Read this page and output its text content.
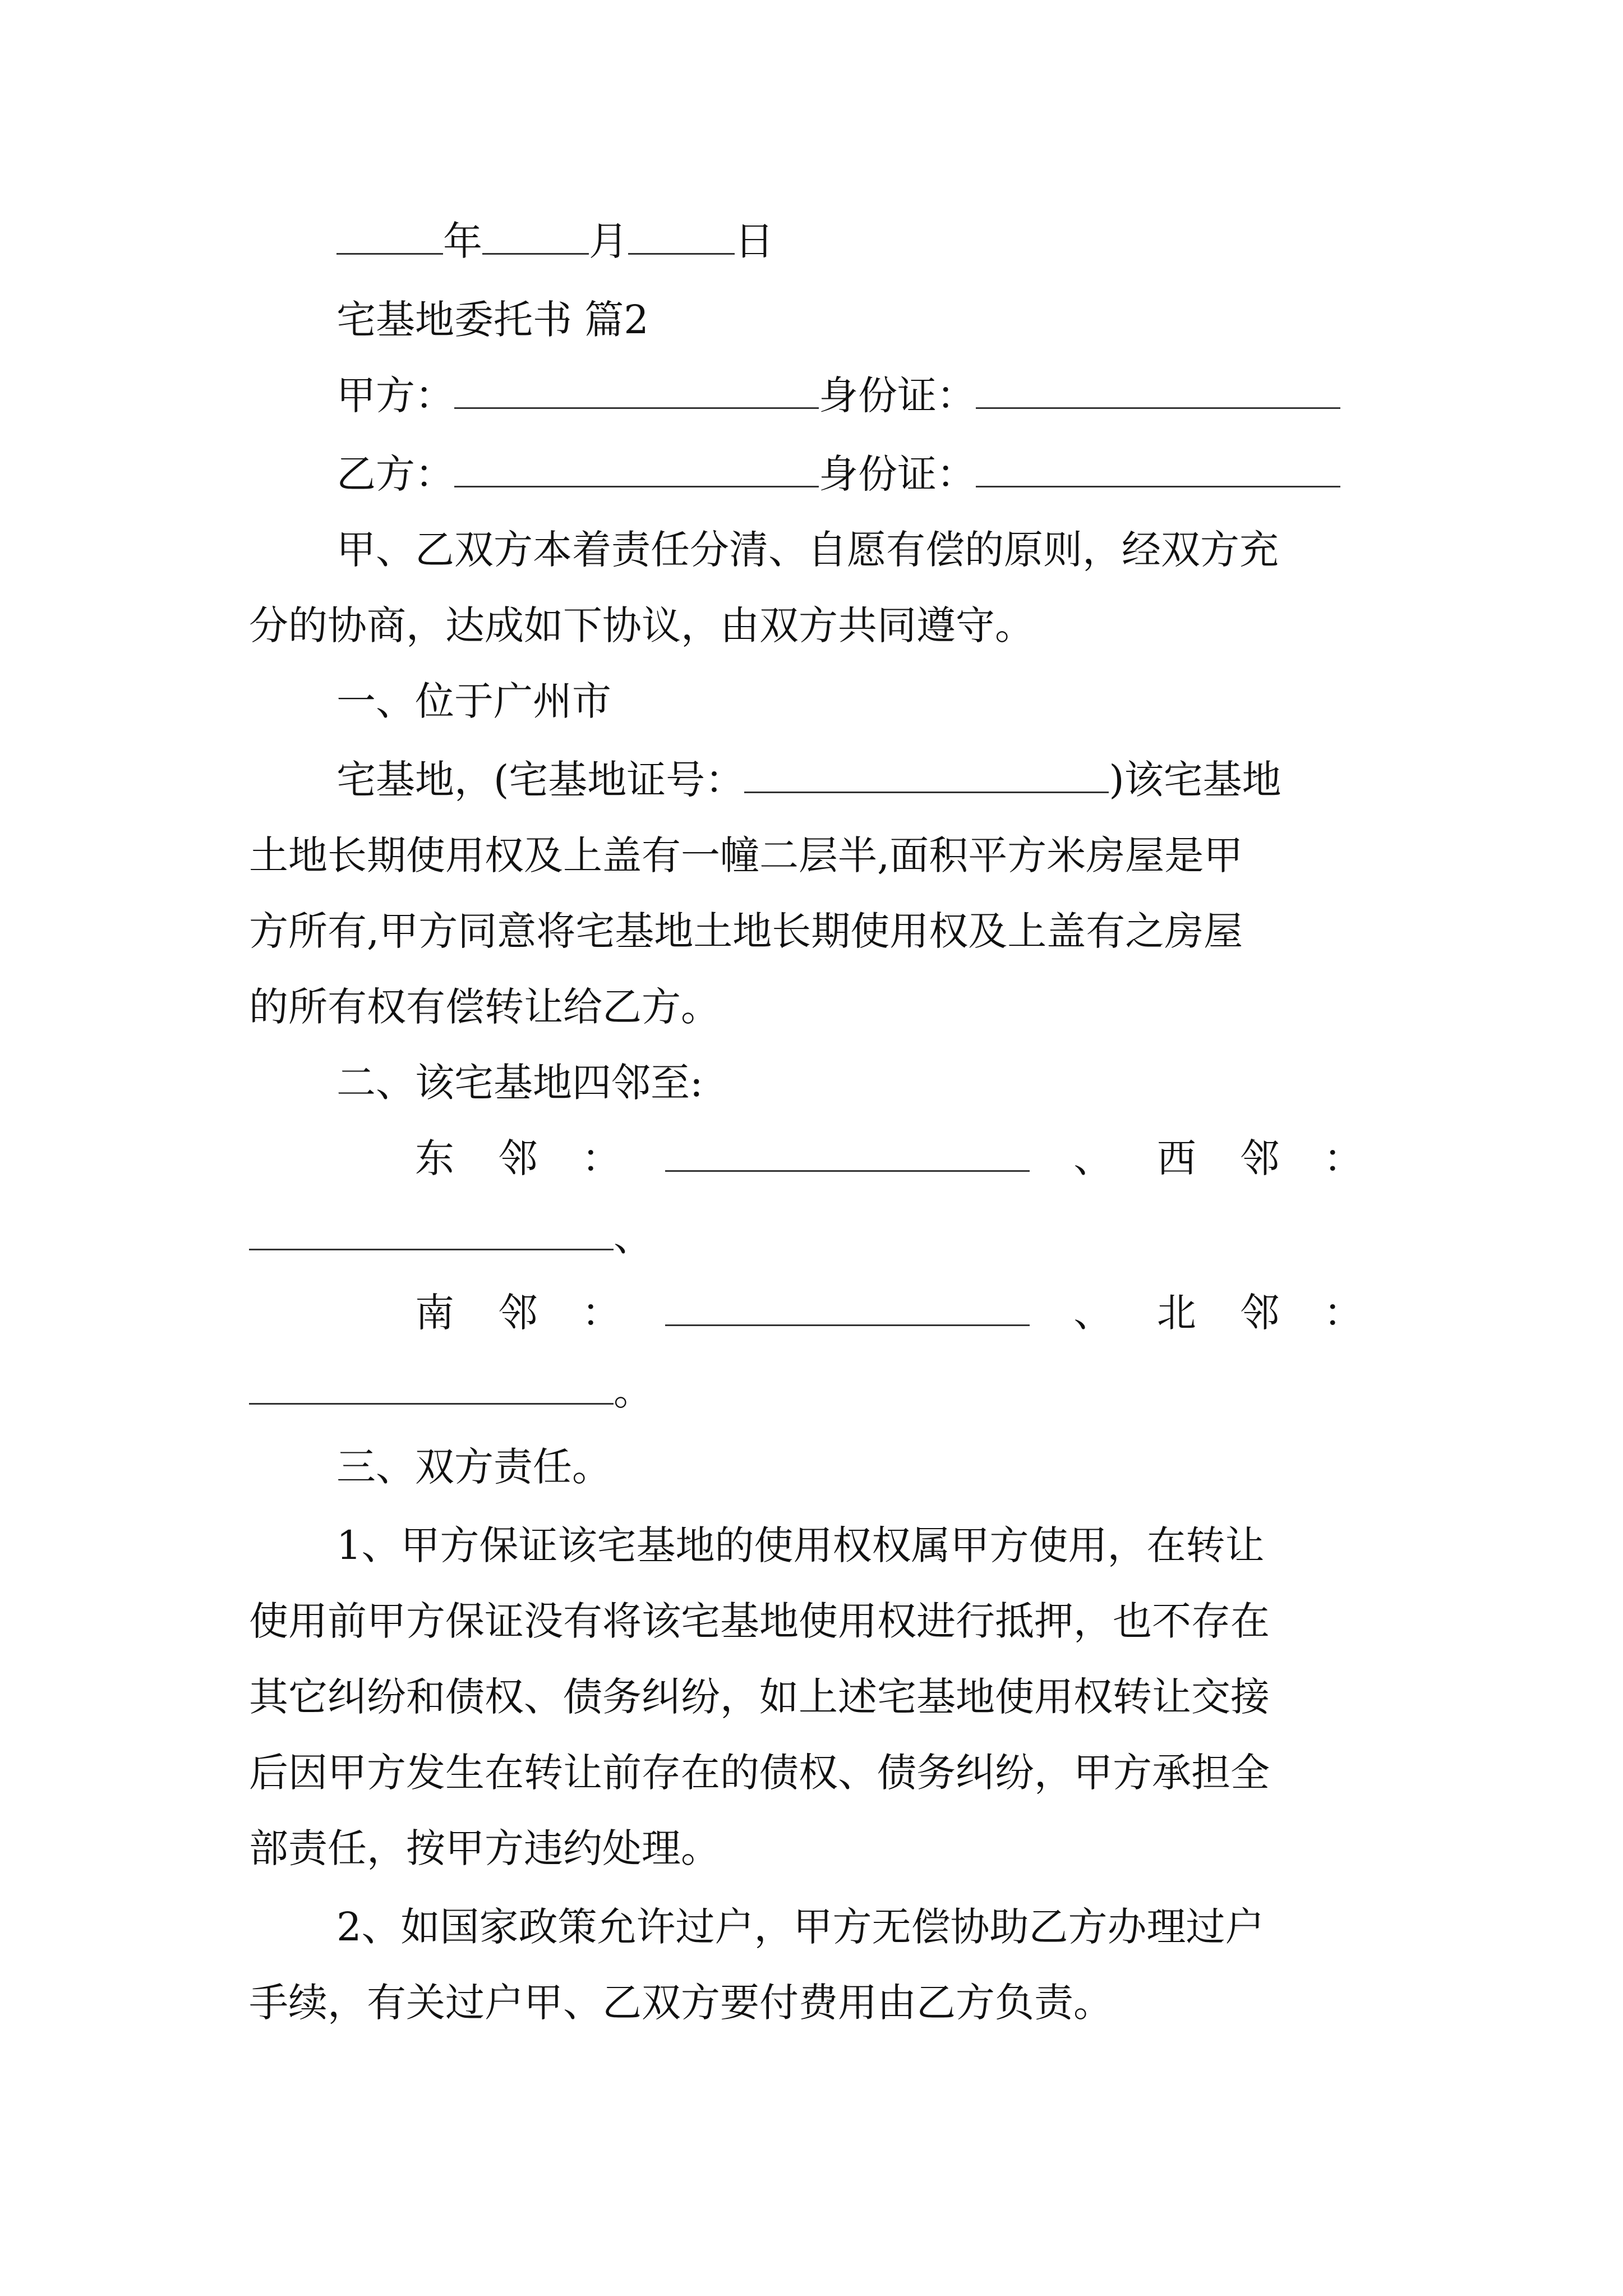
年	月	日
宅基地委托书 篇2
甲方：	身份证：
乙方：	身份证：
甲、乙双方本着责任分清、自愿有偿的原则，经双方充
分的协商，达成如下协议，由双方共同遵守。
一、位于广州市
宅基地，(宅基地证号：	)该宅基地
土地长期使用权及上盖有一幢二层半,面积平方米房屋是甲
方所有,甲方同意将宅基地土地长期使用权及上盖有之房屋
的所有权有偿转让给乙方。
二、该宅基地四邻至:
东 邻 ：	、 西 邻 ：
、
南 邻 ：	、 北 邻 ：
。
三、双方责任。
1、甲方保证该宅基地的使用权权属甲方使用，在转让
使用前甲方保证没有将该宅基地使用权进行抵押，也不存在
其它纠纷和债权、债务纠纷，如上述宅基地使用权转让交接
后因甲方发生在转让前存在的债权、债务纠纷，甲方承担全
部责任，按甲方违约处理。
2、如国家政策允许过户，甲方无偿协助乙方办理过户
手续，有关过户甲、乙双方要付费用由乙方负责。
